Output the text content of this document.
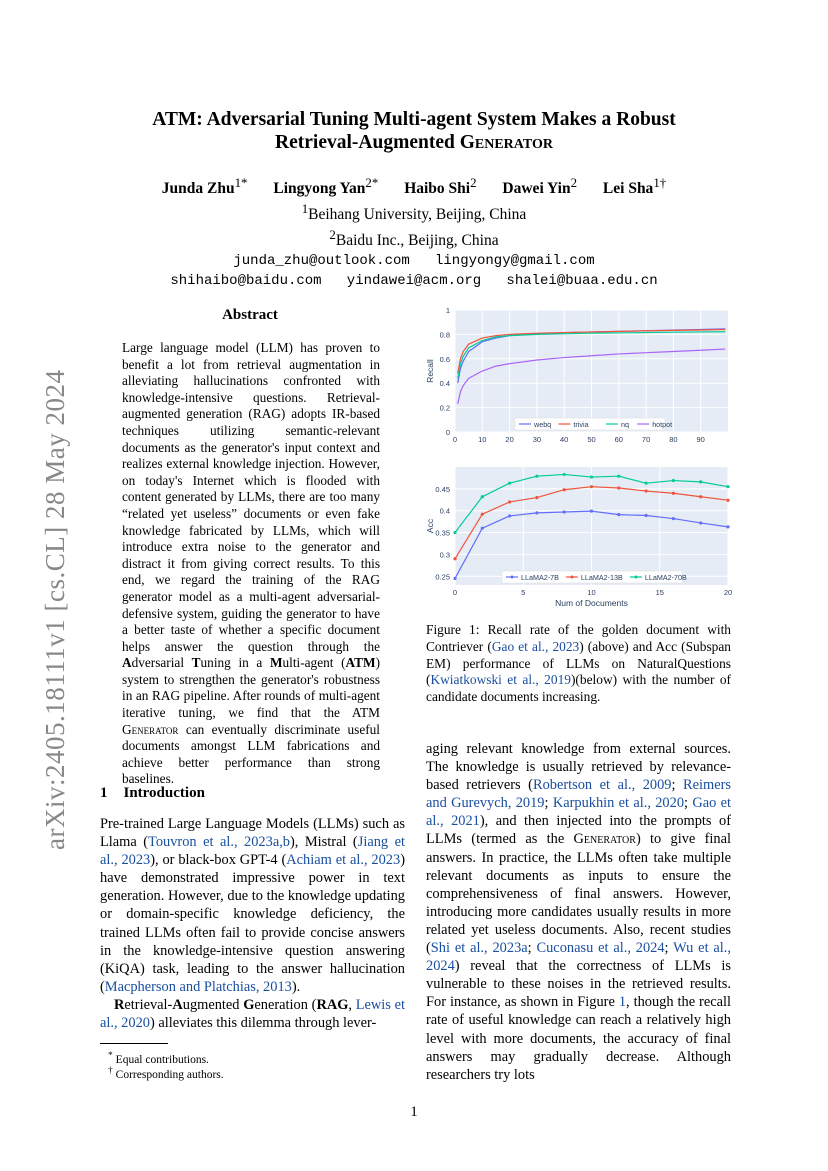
arXiv:2405.18111v1 [cs.CL] 28 May 2024
ATM: Adversarial Tuning Multi-agent System Makes a Robust
Retrieval-Augmented Generator
Junda Zhu$^{1*}$ Lingyong Yan$^{2*}$ Haibo Shi$^2$ Dawei Yin$^2$ Lei Sha$^{1\dagger}$
$^1$Beihang University, Beijing, China
$^2$Baidu Inc., Beijing, China
junda_zhu@outlook.com   lingyongy@gmail.com
shihaibo@baidu.com   yindawei@acm.org   shalei@buaa.edu.cn
Abstract
Large language model (LLM) has proven to benefit a lot from retrieval augmentation in alleviating hallucinations confronted with knowledge-intensive questions. Retrieval-augmented generation (RAG) adopts IR-based techniques utilizing semantic-relevant documents as the generator's input context and realizes external knowledge injection. However, on today's Internet which is flooded with content generated by LLMs, there are too many “related yet useless” documents or even fake knowledge fabricated by LLMs, which will introduce extra noise to the generator and distract it from giving correct results. To this end, we regard the training of the RAG generator model as a multi-agent adversarial-defensive system, guiding the generator to have a better taste of whether a specific document helps answer the question through the Adversarial Tuning in a Multi-agent (ATM) system to strengthen the generator's robustness in an RAG pipeline. After rounds of multi-agent iterative tuning, we find that the ATM Generator can eventually discriminate useful documents amongst LLM fabrications and achieve better performance than strong baselines.
1 Introduction

Pre-trained Large Language Models (LLMs) such as Llama (Touvron et al., 2023a,b), Mistral (Jiang et al., 2023), or black-box GPT-4 (Achiam et al., 2023) have demonstrated impressive power in text generation. However, due to the knowledge updating or domain-specific knowledge deficiency, the trained LLMs often fail to provide concise answers in the knowledge-intensive question answering (KiQA) task, leading to the answer hallucination (Macpherson and Platchias, 2013).

Retrieval-Augmented Generation (RAG, Lewis et al., 2020) alleviates this dilemma through lever-

* Equal contributions.
† Corresponding authors.
0
0.2
0.4
0.6
0.8
1
0	10	20	30	40	50	60	70	80	90
Recall
webq	trivia	nq	hotpot
0.25
0.3
0.35
0.4
0.45
0	5	10	15	20
Acc
Num of Documents
LLaMA2-7B	LLaMA2-13B	LLaMA2-70B
Figure 1: Recall rate of the golden document with Contriever (Gao et al., 2023) (above) and Acc (Subspan EM) performance of LLMs on NaturalQuestions (Kwiatkowski et al., 2019)(below) with the number of candidate documents increasing.
aging relevant knowledge from external sources. The knowledge is usually retrieved by relevance-based retrievers (Robertson et al., 2009; Reimers and Gurevych, 2019; Karpukhin et al., 2020; Gao et al., 2021), and then injected into the prompts of LLMs (termed as the Generator) to give final answers. In practice, the LLMs often take multiple relevant documents as inputs to ensure the comprehensiveness of final answers. However, introducing more candidates usually results in more related yet useless documents. Also, recent studies (Shi et al., 2023a; Cuconasu et al., 2024; Wu et al., 2024) reveal that the correctness of LLMs is vulnerable to these noises in the retrieved results. For instance, as shown in Figure 1, though the recall rate of useful knowledge can reach a relatively high level with more documents, the accuracy of final answers may gradually decrease. Although researchers try lots
1
